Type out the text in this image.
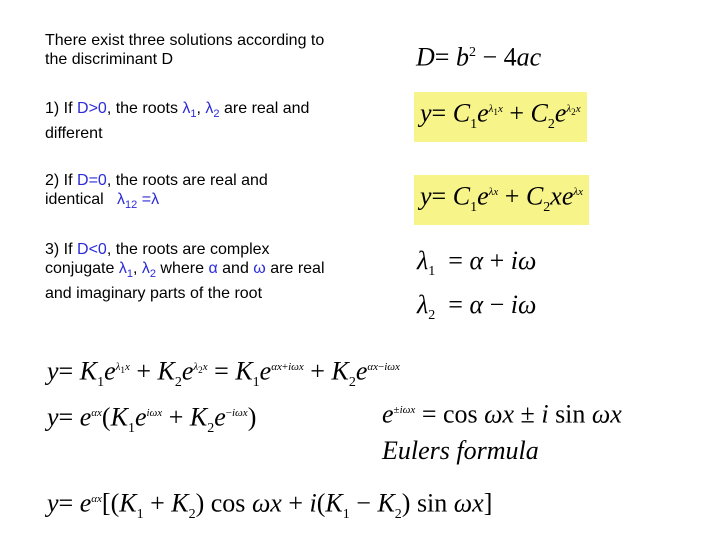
There exist three solutions according to the discriminant D
1) If D>0, the roots $\lambda_1$, $\lambda_2$ are real and different
2) If D=0, the roots are real and  identical   $\lambda_{12} =\lambda$
3) If D<0, the roots are complex conjugate $\lambda_1$, $\lambda_2$ where α and ω are real and imaginary parts of the root
$D= b^2 - 4ac$
$y= C_1e^{\lambda_1x} + C_2e^{\lambda_2x}$
$y= C_1e^{\lambda x} + C_2xe^{\lambda x}$
$\lambda_1 = \alpha + i\omega$
$\lambda_2 = \alpha - i\omega$
$y= K_1e^{\lambda_1x} + K_2e^{\lambda_2x} = K_1e^{\alpha x+i\omega x} + K_2e^{\alpha x-i\omega x}$
$y= e^{\alpha x}(K_1e^{i\omega x} + K_2e^{-i\omega x})$	$e^{\pm i\omega x} = \cos \omega x \pm i$ sin ωx
Eulers formula
$y= e^{\alpha x}[(K_1 + K_2)$ $\cos \omega x + i(K_1 - K_2)$ sin ωx]
